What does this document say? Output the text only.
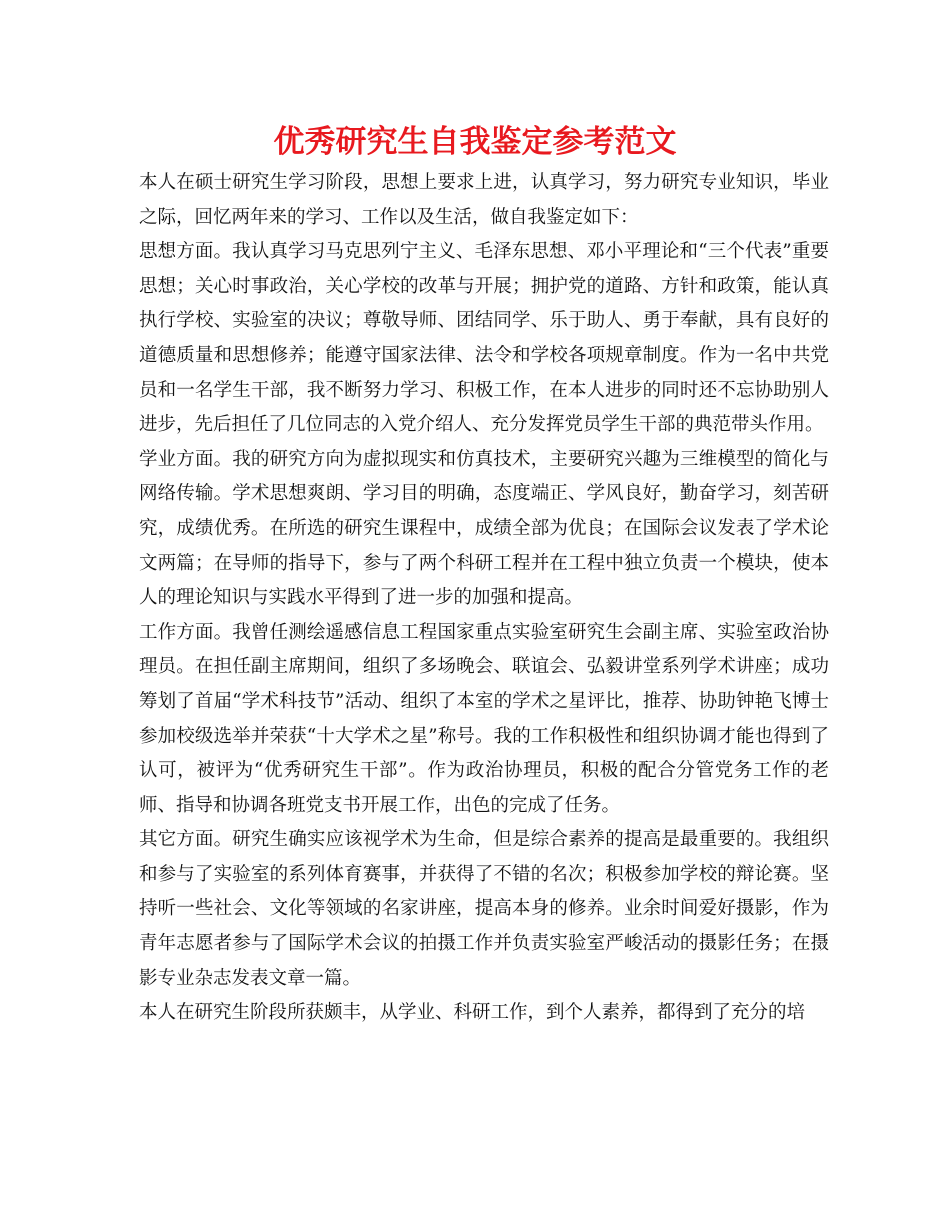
优秀研究生自我鉴定参考范文

本人在硕士研究生学习阶段，思想上要求上进，认真学习，努力研究专业知识，毕业之际，回忆两年来的学习、工作以及生活，做自我鉴定如下：

思想方面。我认真学习马克思列宁主义、毛泽东思想、邓小平理论和“三个代表”重要思想；关心时事政治，关心学校的改革与开展；拥护党的道路、方针和政策，能认真执行学校、实验室的决议；尊敬导师、团结同学、乐于助人、勇于奉献，具有良好的道德质量和思想修养；能遵守国家法律、法令和学校各项规章制度。作为一名中共党员和一名学生干部，我不断努力学习、积极工作，在本人进步的同时还不忘协助别人进步，先后担任了几位同志的入党介绍人、充分发挥党员学生干部的典范带头作用。

学业方面。我的研究方向为虚拟现实和仿真技术，主要研究兴趣为三维模型的简化与网络传输。学术思想爽朗、学习目的明确，态度端正、学风良好，勤奋学习，刻苦研究，成绩优秀。在所选的研究生课程中，成绩全部为优良；在国际会议发表了学术论文两篇；在导师的指导下，参与了两个科研工程并在工程中独立负责一个模块，使本人的理论知识与实践水平得到了进一步的加强和提高。

工作方面。我曾任测绘遥感信息工程国家重点实验室研究生会副主席、实验室政治协理员。在担任副主席期间，组织了多场晚会、联谊会、弘毅讲堂系列学术讲座；成功筹划了首届“学术科技节”活动、组织了本室的学术之星评比，推荐、协助钟艳飞博士参加校级选举并荣获“十大学术之星”称号。我的工作积极性和组织协调才能也得到了认可，被评为“优秀研究生干部”。作为政治协理员，积极的配合分管党务工作的老师、指导和协调各班党支书开展工作，出色的完成了任务。

其它方面。研究生确实应该视学术为生命，但是综合素养的提高是最重要的。我组织和参与了实验室的系列体育赛事，并获得了不错的名次；积极参加学校的辩论赛。坚持听一些社会、文化等领域的名家讲座，提高本身的修养。业余时间爱好摄影，作为青年志愿者参与了国际学术会议的拍摄工作并负责实验室严峻活动的摄影任务；在摄影专业杂志发表文章一篇。

本人在研究生阶段所获颇丰，从学业、科研工作，到个人素养，都得到了充分的培
